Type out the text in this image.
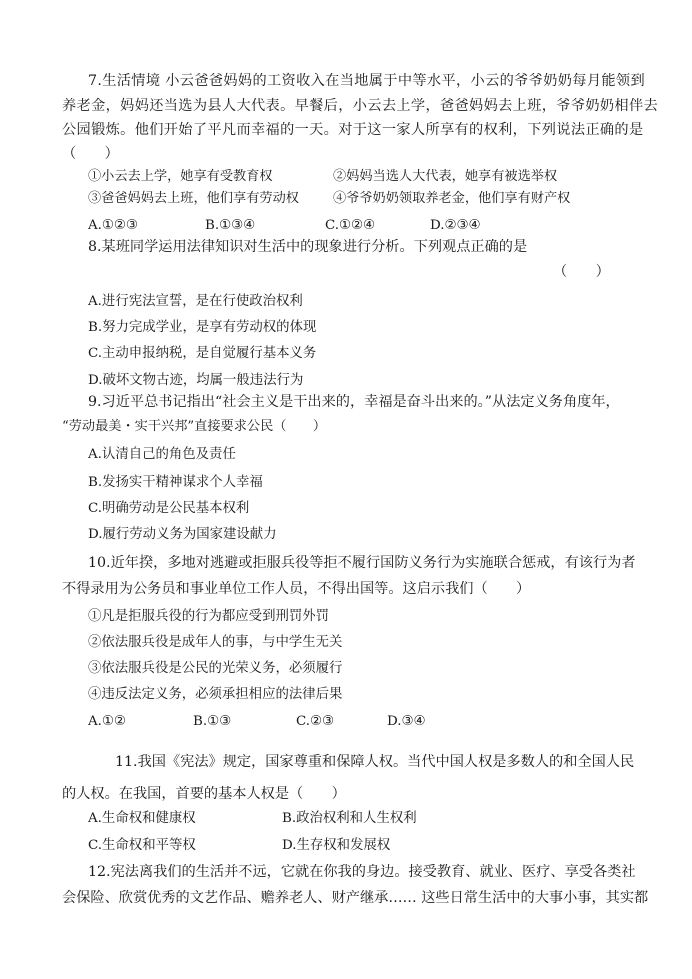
7.生活情境 小云爸爸妈妈的工资收入在当地属于中等水平，小云的爷爷奶奶每月能领到
养老金，妈妈还当选为县人大代表。早餐后，小云去上学，爸爸妈妈去上班，爷爷奶奶相伴去
公园锻炼。他们开始了平凡而幸福的一天。对于这一家人所享有的权利，下列说法正确的是
（　　）
①小云去上学，她享有受教育权	②妈妈当选人大代表，她享有被选举权
③爸爸妈妈去上班，他们享有劳动权	④爷爷奶奶领取养老金，他们享有财产权
A.①②③	B.①③④	C.①②④	D.②③④
8.某班同学运用法律知识对生活中的现象进行分析。下列观点正确的是
（　　）
A.进行宪法宣誓，是在行使政治权利
B.努力完成学业，是享有劳动权的体现
C.主动申报纳税，是自觉履行基本义务
D.破坏文物古迹，均属一般违法行为
9.习近平总书记指出“社会主义是干出来的，幸福是奋斗出来的。”从法定义务角度年，
“劳动最美・实干兴邦”直接要求公民（　　）
A.认清自己的角色及责任
B.发扬实干精神谋求个人幸福
C.明确劳动是公民基本权利
D.履行劳动义务为国家建设献力
10.近年揆，多地对逃避或拒服兵役等拒不履行国防义务行为实施联合惩戒，有该行为者
不得录用为公务员和事业单位工作人员，不得出国等。这启示我们（　　）
①凡是拒服兵役的行为都应受到刑罚外罚
②依法服兵役是成年人的事，与中学生无关
③依法服兵役是公民的光荣义务，必须履行
④违反法定义务，必须承担相应的法律后果
A.①②	B.①③	C.②③	D.③④
11.我国《宪法》规定，国家尊重和保障人权。当代中国人权是多数人的和全国人民
的人权。在我国，首要的基本人权是（　　）
A.生命权和健康权	B.政治权利和人生权利
C.生命权和平等权	D.生存权和发展权
12.宪法离我们的生活并不远，它就在你我的身边。接受教育、就业、医疗、享受各类社
会保险、欣赏优秀的文艺作品、赡养老人、财产继承…… 这些日常生活中的大事小事，其实都
